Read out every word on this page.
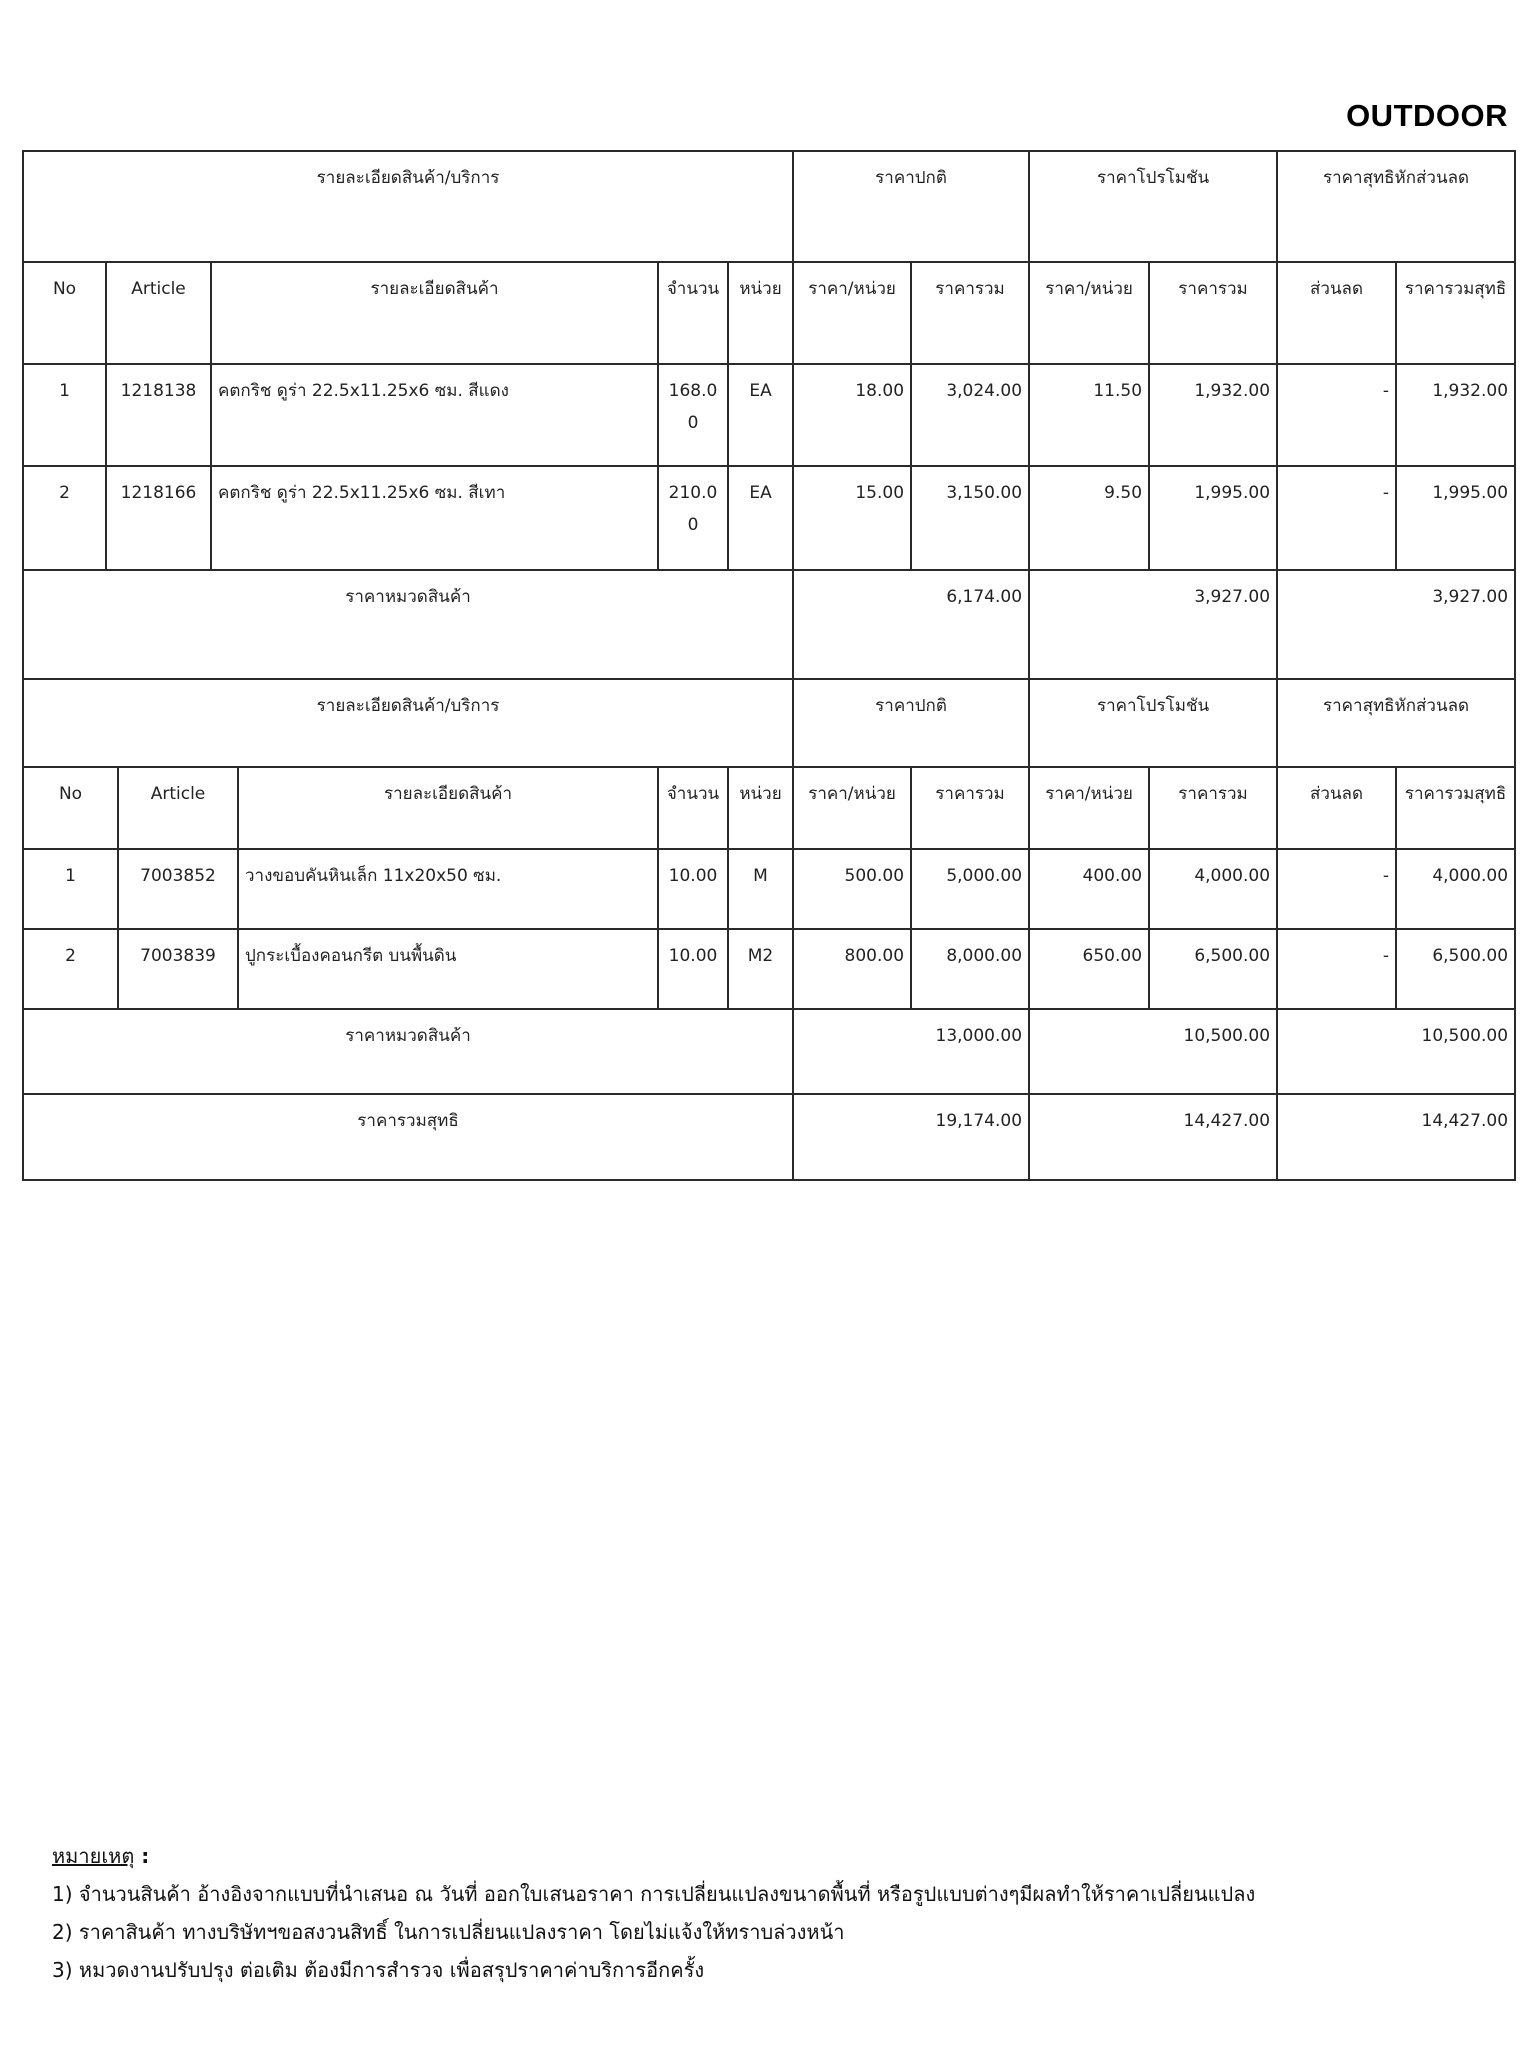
OUTDOOR
รายละเอียดสินค้า/บริการ					ราคาปกติ		ราคาโปรโมชัน		ราคาสุทธิหักส่วนลด	
No	Article	รายละเอียดสินค้า	จำนวน	หน่วย	ราคา/หน่วย	ราคารวม	ราคา/หน่วย	ราคารวม	ส่วนลด	ราคารวมสุทธิ
1	1218138	คตกริช ดูร่า 22.5x11.25x6 ซม. สีแดง	168.00	EA	18.00	3,024.00	11.50	1,932.00	-	1,932.00
2	1218166	คตกริช ดูร่า 22.5x11.25x6 ซม. สีเทา	210.00	EA	15.00	3,150.00	9.50	1,995.00	-	1,995.00
ราคาหมวดสินค้า					6,174.00		3,927.00		3,927.00	
รายละเอียดสินค้า/บริการ					ราคาปกติ		ราคาโปรโมชัน		ราคาสุทธิหักส่วนลด	
No	Article	รายละเอียดสินค้า	จำนวน	หน่วย	ราคา/หน่วย	ราคารวม	ราคา/หน่วย	ราคารวม	ส่วนลด	ราคารวมสุทธิ
1	7003852	วางขอบคันหินเล็ก 11x20x50 ซม.	10.00	M	500.00	5,000.00	400.00	4,000.00	-	4,000.00
2	7003839	ปูกระเบื้องคอนกรีต บนพื้นดิน	10.00	M2	800.00	8,000.00	650.00	6,500.00	-	6,500.00
ราคาหมวดสินค้า					13,000.00		10,500.00		10,500.00	
ราคารวมสุทธิ					19,174.00		14,427.00		14,427.00	
หมายเหตุ :
1) จำนวนสินค้า อ้างอิงจากแบบที่นำเสนอ ณ วันที่ ออกใบเสนอราคา การเปลี่ยนแปลงขนาดพื้นที่ หรือรูปแบบต่างๆมีผลทำให้ราคาเปลี่ยนแปลง
2) ราคาสินค้า ทางบริษัทฯขอสงวนสิทธิ์ ในการเปลี่ยนแปลงราคา โดยไม่แจ้งให้ทราบล่วงหน้า
3) หมวดงานปรับปรุง ต่อเติม ต้องมีการสำรวจ เพื่อสรุปราคาค่าบริการอีกครั้ง
